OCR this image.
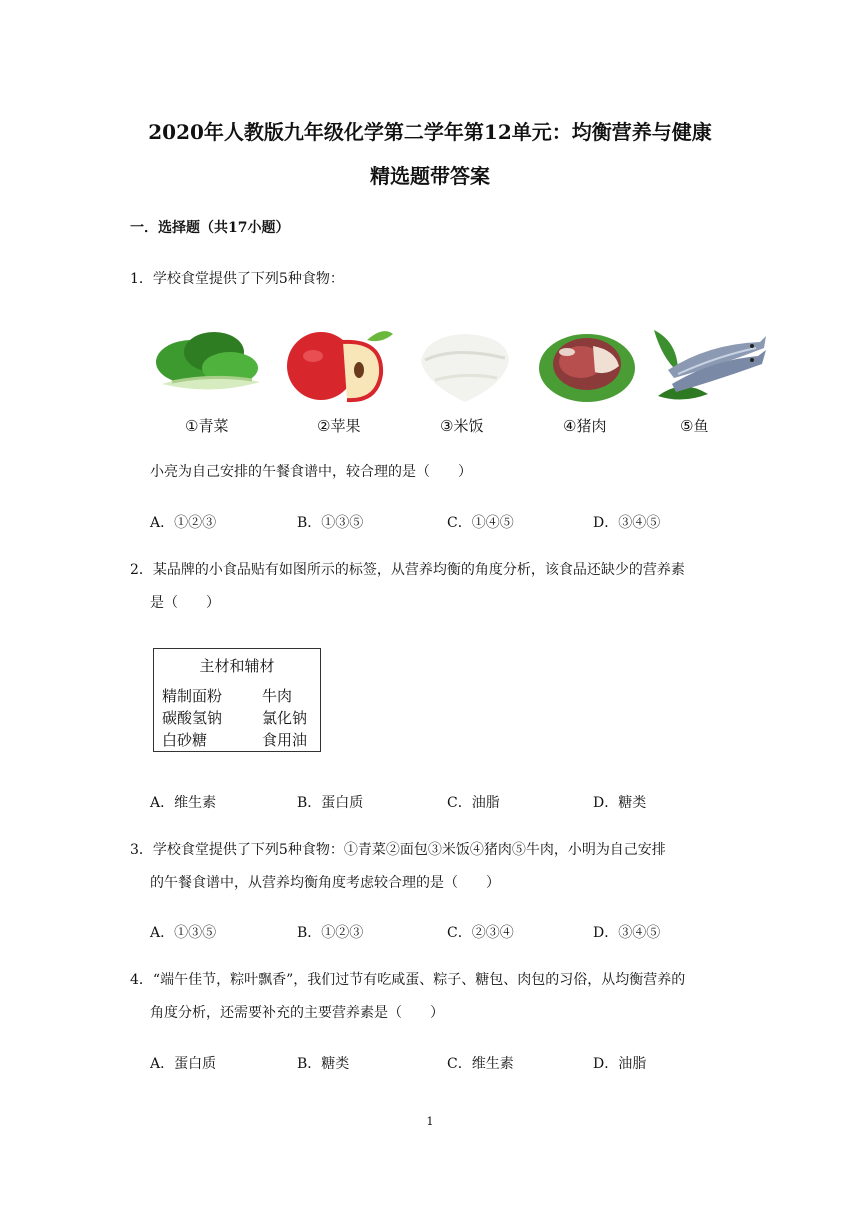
2020年人教版九年级化学第二学年第12单元：均衡营养与健康
精选题带答案
一．选择题（共17小题）
1．学校食堂提供了下列5种食物：
①青菜	②苹果	③米饭	④猪肉	⑤鱼
小亮为自己安排的午餐食谱中，较合理的是（　　）
A．①②③	B．①③⑤	C．①④⑤	D．③④⑤
2．某品牌的小食品贴有如图所示的标签，从营养均衡的角度分析，该食品还缺少的营养素
是（　　）
主材和辅材
精制面粉	牛肉
碳酸氢钠	氯化钠
白砂糖	食用油
A．维生素	B．蛋白质	C．油脂	D．糖类
3．学校食堂提供了下列5种食物：①青菜②面包③米饭④猪肉⑤牛肉，小明为自己安排
的午餐食谱中，从营养均衡角度考虑较合理的是（　　）
A．①③⑤	B．①②③	C．②③④	D．③④⑤
4．“端午佳节，粽叶飘香”，我们过节有吃咸蛋、粽子、糖包、肉包的习俗，从均衡营养的
角度分析，还需要补充的主要营养素是（　　）
A．蛋白质	B．糖类	C．维生素	D．油脂
1
